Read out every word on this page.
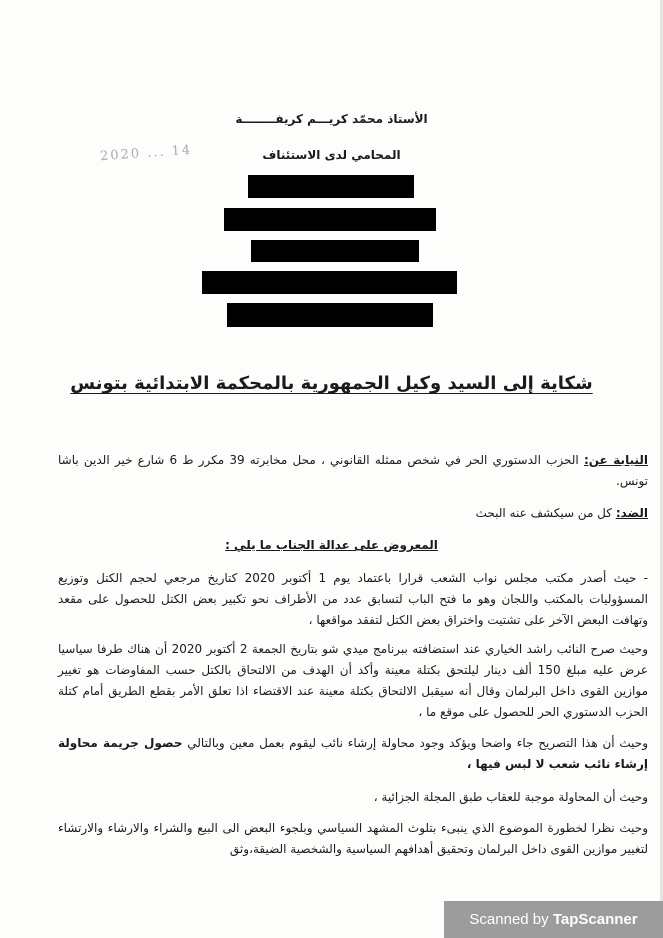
الأستاذ محمّد كريـــم كريفــــــــة
المحامي لدى الاستئناف
2020 ... 14
شكاية إلى السيد وكيل الجمهورية بالمحكمة الابتدائية بتونس
النيابة عن: الحزب الدستوري الحر في شخص ممثله القانوني ، محل مخابرته 39 مكرر ط 6 شارع خير الدين باشا تونس.
الضد: كل من سيكشف عنه البحث
المعروض على عدالة الجناب ما يلي :
- حيث أصدر مكتب مجلس نواب الشعب قرارا باعتماد يوم 1 أكتوبر 2020 كتاريخ مرجعي لحجم الكتل وتوزيع المسؤوليات بالمكتب واللجان وهو ما فتح الباب لتسابق عدد من الأطراف نحو تكبير بعض الكتل للحصول على مقعد وتهافت البعض الآخر على تشتيت واختراق بعض الكتل لتفقد مواقعها ،
وحيث صرح النائب راشد الخياري عند استضافته ببرنامج ميدي شو بتاريخ الجمعة 2 أكتوبر 2020 أن هناك طرفا سياسيا عرض عليه مبلغ 150 ألف دينار ليلتحق بكتلة معينة وأكد أن الهدف من الالتحاق بالكتل حسب المفاوضات هو تغيير موازين القوى داخل البرلمان وقال أنه سيقبل الالتحاق بكتلة معينة عند الاقتضاء اذا تعلق الأمر بقطع الطريق أمام كتلة الحزب الدستوري الحر للحصول على موقع ما ،
وحيث أن هذا التصريح جاء واضحا ويؤكد وجود محاولة إرشاء نائب ليقوم بعمل معين وبالتالي حصول جريمة محاولة إرشاء نائب شعب لا لبس فيها ،
وحيث أن المحاولة موجبة للعقاب طبق المجلة الجزائية ،
وحيث نظرا لخطورة الموضوع الذي ينبىء بتلوث المشهد السياسي وبلجوء البعض الى البيع والشراء والارشاء والارتشاء لتغيير موازين القوى داخل البرلمان وتحقيق أهدافهم السياسية والشخصية الضيقة،وثق
Scanned by TapScanner
